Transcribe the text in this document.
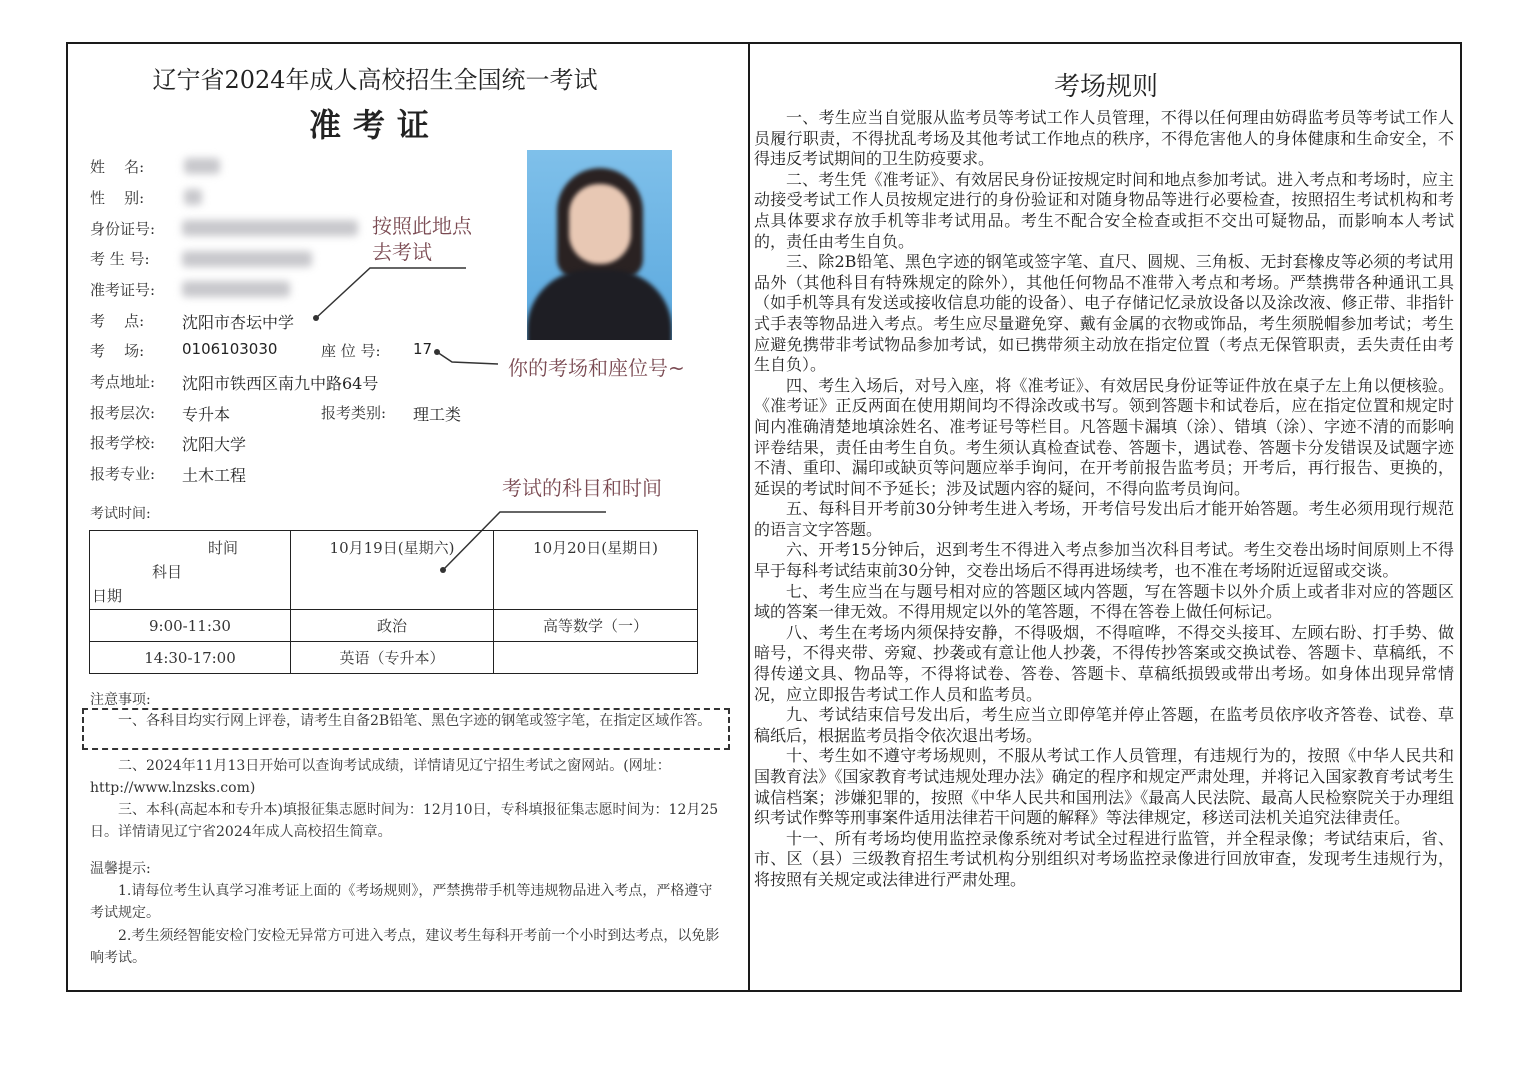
辽宁省2024年成人高校招生全国统一考试
准考证
姓    名:
性    别:
身份证号:
考 生 号:
准考证号:
考    点: 沈阳市杏坛中学
考    场:	0106103030	座 位 号: 17
考点地址: 沈阳市铁西区南九中路64号
报考层次: 专升本	报考类别: 理工类
报考学校: 沈阳大学
报考专业: 土木工程
考试时间:
按照此地点
去考试
你的考场和座位号~
考试的科目和时间
时间
科目
日期	10月19日(星期六)	10月20日(星期日)
9:00-11:30	政治	高等数学（一）
14:30-17:00	英语（专升本）	
注意事项:
一、各科目均实行网上评卷，请考生自备2B铅笔、黑色字迹的钢笔或签字笔，在指定区域作答。
二、2024年11月13日开始可以查询考试成绩，详情请见辽宁招生考试之窗网站。(网址：http://www.lnzsks.com)
三、本科(高起本和专升本)填报征集志愿时间为：12月10日，专科填报征集志愿时间为：12月25日。详情请见辽宁省2024年成人高校招生简章。
温馨提示:
1.请每位考生认真学习准考证上面的《考场规则》，严禁携带手机等违规物品进入考点，严格遵守考试规定。
2.考生须经智能安检门安检无异常方可进入考点，建议考生每科开考前一个小时到达考点，以免影响考试。
考场规则

一、考生应当自觉服从监考员等考试工作人员管理，不得以任何理由妨碍监考员等考试工作人员履行职责，不得扰乱考场及其他考试工作地点的秩序，不得危害他人的身体健康和生命安全，不得违反考试期间的卫生防疫要求。

二、考生凭《准考证》、有效居民身份证按规定时间和地点参加考试。进入考点和考场时，应主动接受考试工作人员按规定进行的身份验证和对随身物品等进行必要检查，按照招生考试机构和考点具体要求存放手机等非考试用品。考生不配合安全检查或拒不交出可疑物品，而影响本人考试的，责任由考生自负。

三、除2B铅笔、黑色字迹的钢笔或签字笔、直尺、圆规、三角板、无封套橡皮等必须的考试用品外（其他科目有特殊规定的除外），其他任何物品不准带入考点和考场。严禁携带各种通讯工具（如手机等具有发送或接收信息功能的设备）、电子存储记忆录放设备以及涂改液、修正带、非指针式手表等物品进入考点。考生应尽量避免穿、戴有金属的衣物或饰品，考生须脱帽参加考试；考生应避免携带非考试物品参加考试，如已携带须主动放在指定位置（考点无保管职责，丢失责任由考生自负）。

四、考生入场后，对号入座，将《准考证》、有效居民身份证等证件放在桌子左上角以便核验。《准考证》正反两面在使用期间均不得涂改或书写。领到答题卡和试卷后，应在指定位置和规定时间内准确清楚地填涂姓名、准考证号等栏目。凡答题卡漏填（涂）、错填（涂）、字迹不清的而影响评卷结果，责任由考生自负。考生须认真检查试卷、答题卡，遇试卷、答题卡分发错误及试题字迹不清、重印、漏印或缺页等问题应举手询问，在开考前报告监考员；开考后，再行报告、更换的，延误的考试时间不予延长；涉及试题内容的疑问，不得向监考员询问。

五、每科目开考前30分钟考生进入考场，开考信号发出后才能开始答题。考生必须用现行规范的语言文字答题。

六、开考15分钟后，迟到考生不得进入考点参加当次科目考试。考生交卷出场时间原则上不得早于每科考试结束前30分钟，交卷出场后不得再进场续考，也不准在考场附近逗留或交谈。

七、考生应当在与题号相对应的答题区域内答题，写在答题卡以外介质上或者非对应的答题区域的答案一律无效。不得用规定以外的笔答题，不得在答卷上做任何标记。

八、考生在考场内须保持安静，不得吸烟，不得喧哗，不得交头接耳、左顾右盼、打手势、做暗号，不得夹带、旁窥、抄袭或有意让他人抄袭，不得传抄答案或交换试卷、答题卡、草稿纸，不得传递文具、物品等，不得将试卷、答卷、答题卡、草稿纸损毁或带出考场。如身体出现异常情况，应立即报告考试工作人员和监考员。

九、考试结束信号发出后，考生应当立即停笔并停止答题，在监考员依序收齐答卷、试卷、草稿纸后，根据监考员指令依次退出考场。

十、考生如不遵守考场规则，不服从考试工作人员管理，有违规行为的，按照《中华人民共和国教育法》《国家教育考试违规处理办法》确定的程序和规定严肃处理，并将记入国家教育考试考生诚信档案；涉嫌犯罪的，按照《中华人民共和国刑法》《最高人民法院、最高人民检察院关于办理组织考试作弊等刑事案件适用法律若干问题的解释》等法律规定，移送司法机关追究法律责任。

十一、所有考场均使用监控录像系统对考试全过程进行监管，并全程录像；考试结束后，省、市、区（县）三级教育招生考试机构分别组织对考场监控录像进行回放审查，发现考生违规行为，将按照有关规定或法律进行严肃处理。
